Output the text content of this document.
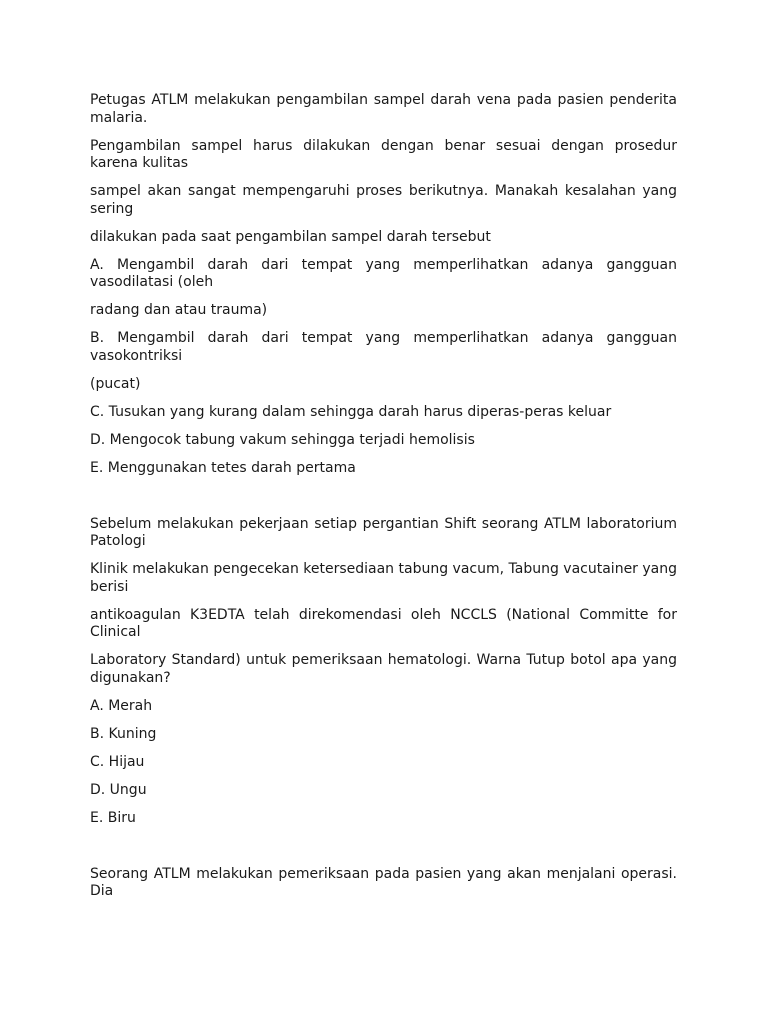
Petugas ATLM melakukan pengambilan sampel darah vena pada pasien penderita malaria.

Pengambilan sampel harus dilakukan dengan benar sesuai dengan prosedur karena kulitas

sampel akan sangat mempengaruhi proses berikutnya. Manakah kesalahan yang sering

dilakukan pada saat pengambilan sampel darah tersebut

A. Mengambil darah dari tempat yang memperlihatkan adanya gangguan vasodilatasi (oleh

radang dan atau trauma)

B. Mengambil darah dari tempat yang memperlihatkan adanya gangguan vasokontriksi

(pucat)

C. Tusukan yang kurang dalam sehingga darah harus diperas-peras keluar

D. Mengocok tabung vakum sehingga terjadi hemolisis

E. Menggunakan tetes darah pertama

Sebelum melakukan pekerjaan setiap pergantian Shift seorang ATLM laboratorium Patologi

Klinik melakukan pengecekan ketersediaan tabung vacum, Tabung vacutainer yang berisi

antikoagulan K3EDTA telah direkomendasi oleh NCCLS (National Committe for Clinical

Laboratory Standard) untuk pemeriksaan hematologi. Warna Tutup botol apa yang digunakan?

A. Merah

B. Kuning

C. Hijau

D. Ungu

E. Biru

Seorang ATLM melakukan pemeriksaan pada pasien yang akan menjalani operasi. Dia
